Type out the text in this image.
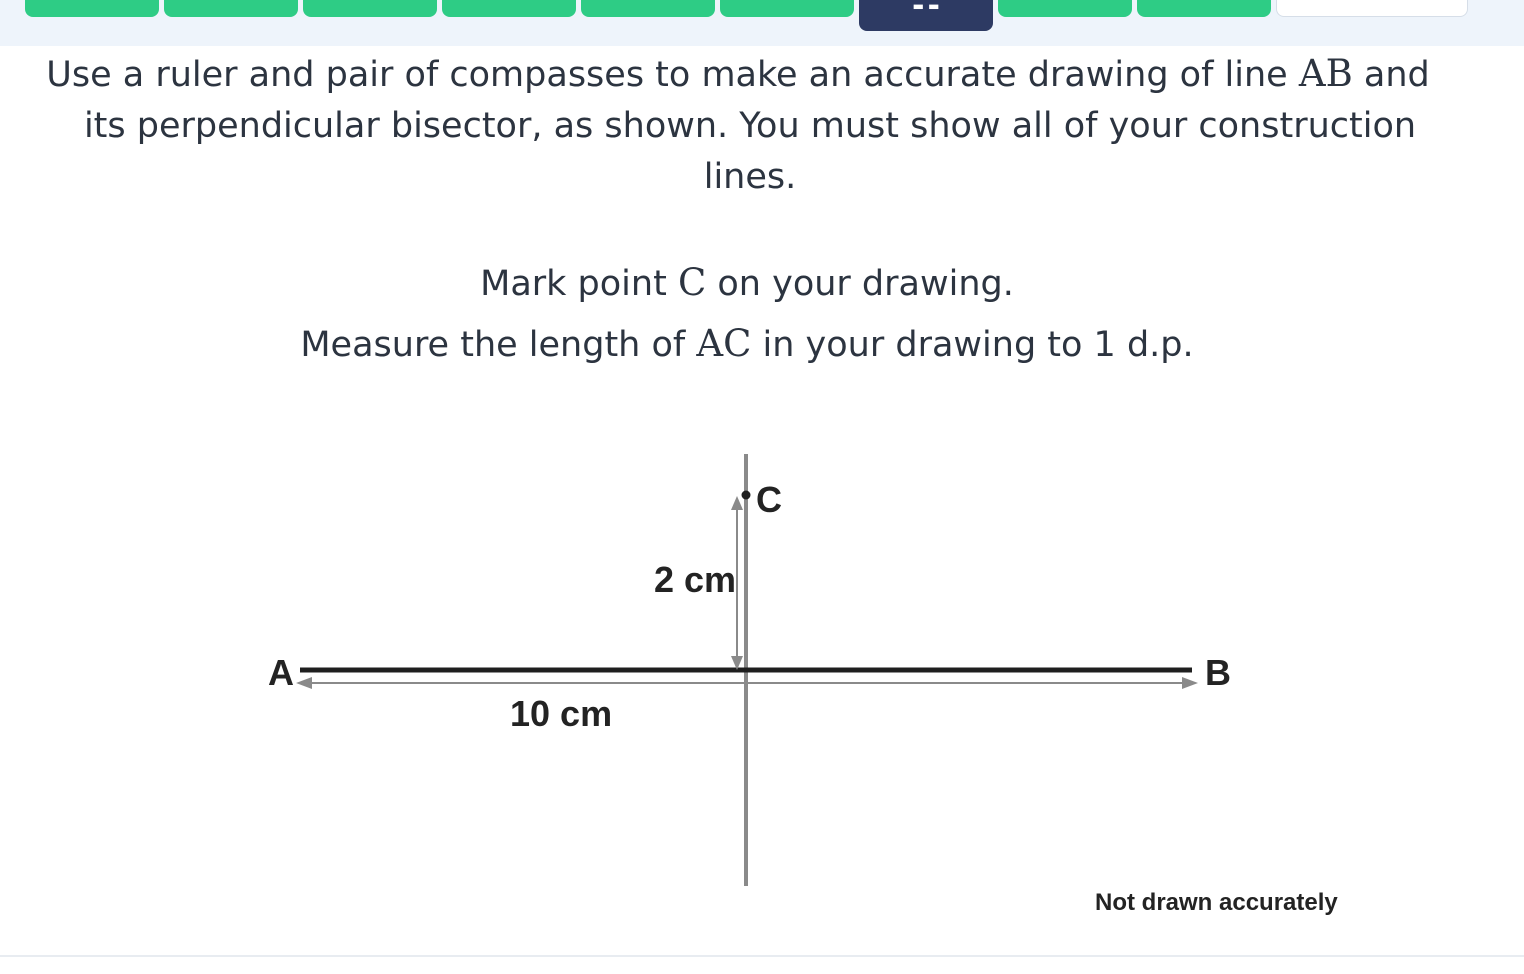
▬ ▬
Use a ruler and pair of compasses to make an accurate drawing of line AB and
its perpendicular bisector, as shown. You must show all of your construction
lines.
Mark point C on your drawing.
Measure the length of AC in your drawing to 1 d.p.
A	B
C
2 cm
10 cm
Not drawn accurately
